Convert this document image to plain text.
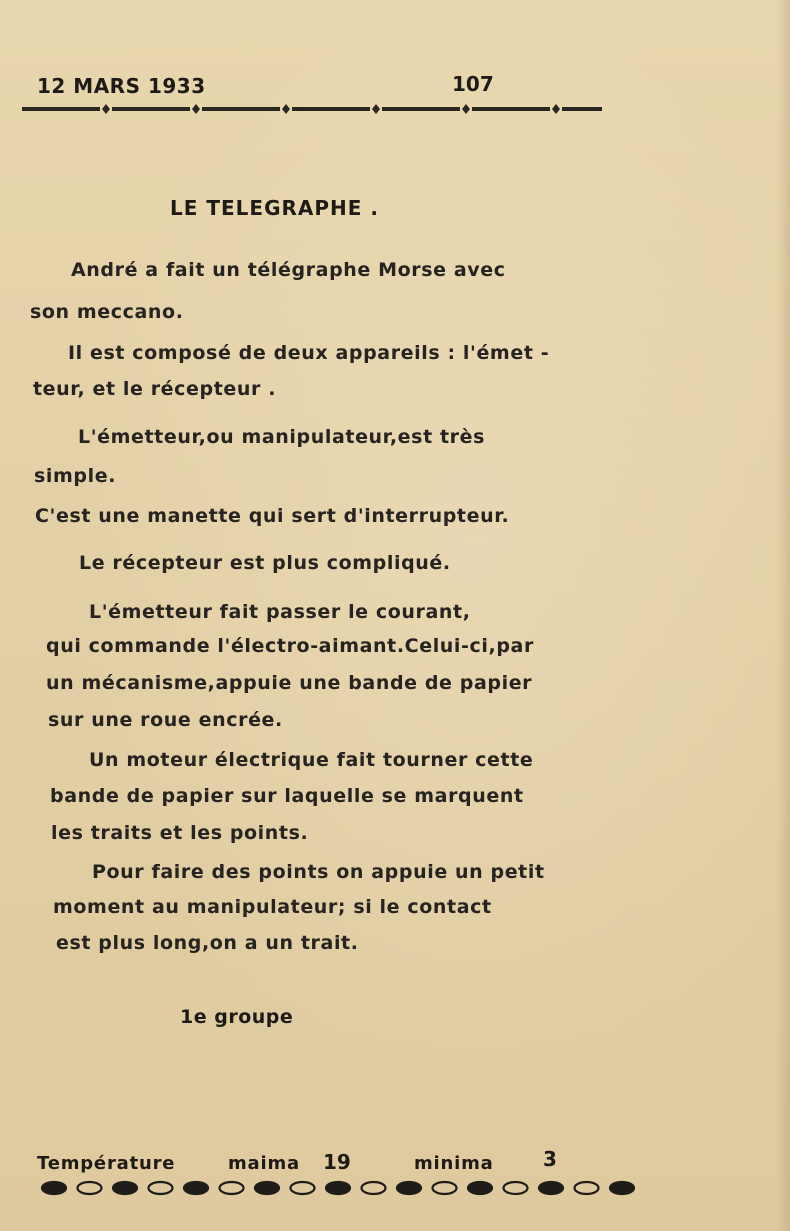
12 MARS 1933	107
LE TELEGRAPHE .
André a fait un télégraphe Morse avec
son meccano.
Il est composé de deux appareils : l'émet -
teur, et le récepteur .
L'émetteur,ou manipulateur,est très
simple.
C'est une manette qui sert d'interrupteur.
Le récepteur est plus compliqué.
L'émetteur fait passer le courant,
qui commande l'électro-aimant.Celui-ci,par
un mécanisme,appuie une bande de papier
sur une roue encrée.
Un moteur électrique fait tourner cette
bande de papier sur laquelle se marquent
les traits et les points.
Pour faire des points on appuie un petit
moment au manipulateur; si le contact
est plus long,on a un trait.
1e groupe
Température	maima 19	minima 3
